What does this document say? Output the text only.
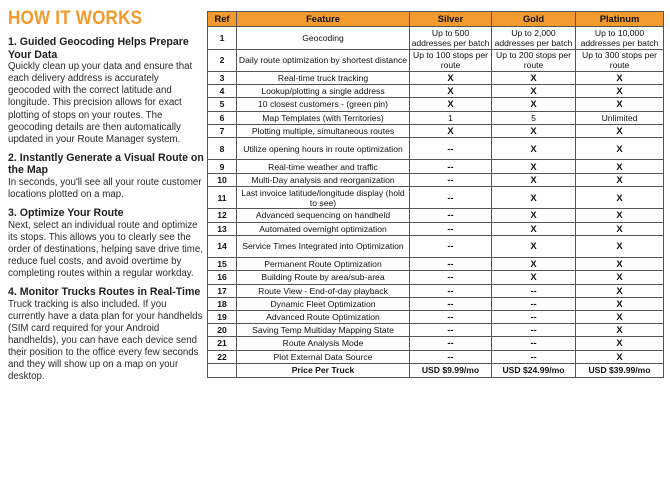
HOW IT WORKS
1. Guided Geocoding Helps Prepare Your Data

Quickly clean up your data and ensure that each delivery address is accurately geocoded with the correct latitude and longitude. This precision allows for exact plotting of stops on your routes. The geocoding details are then automatically updated in your Route Manager system.

2. Instantly Generate a Visual Route on the Map

In seconds, you'll see all your route customer locations plotted on a map.

3. Optimize Your Route

Next, select an individual route and optimize its stops. This allows you to clearly see the order of destinations, helping save drive time, reduce fuel costs, and avoid overtime by completing routes within a regular workday.

4. Monitor Trucks Routes in Real-Time

Truck tracking is also included. If you currently have a data plan for your handhelds (SIM card required for your Android handhelds), you can have each device send their position to the office every few seconds and they will show up on a map on your desktop.

Ref	Feature	Silver	Gold	Platinum
1	Geocoding	Up to 500 addresses per batch	Up to 2,000 addresses per batch	Up to 10,000 addresses per batch
2	Daily route optimization by shortest distance	Up to 100 stops per route	Up to 200 stops per route	Up to 300 stops per route
3	Real-time truck tracking	X	X	X
4	Lookup/plotting a single address	X	X	X
5	10 closest customers - (green pin)	X	X	X
6	Map Templates (with Territories)	1	5	Unlimited
7	Plotting multiple, simultaneous routes	X	X	X
8	Utilize opening hours in route optimization	--	X	X
9	Real-time weather and traffic	--	X	X
10	Multi-Day analysis and reorganization	--	X	X
11	Last invoice latitude/longitude display (hold to see)	--	X	X
12	Advanced sequencing on handheld	--	X	X
13	Automated overnight optimization	--	X	X
14	Service Times Integrated into Optimization	--	X	X
15	Permanent Route Optimization	--	X	X
16	Building Route by area/sub-area	--	X	X
17	Route View - End-of-day playback	--	--	X
18	Dynamic Fleet Optimization	--	--	X
19	Advanced Route Optimization	--	--	X
20	Saving Temp Multiday Mapping State	--	--	X
21	Route Analysis Mode	--	--	X
22	Plot External Data Source	--	--	X
	Price Per Truck	USD $9.99/mo	USD $24.99/mo	USD $39.99/mo
